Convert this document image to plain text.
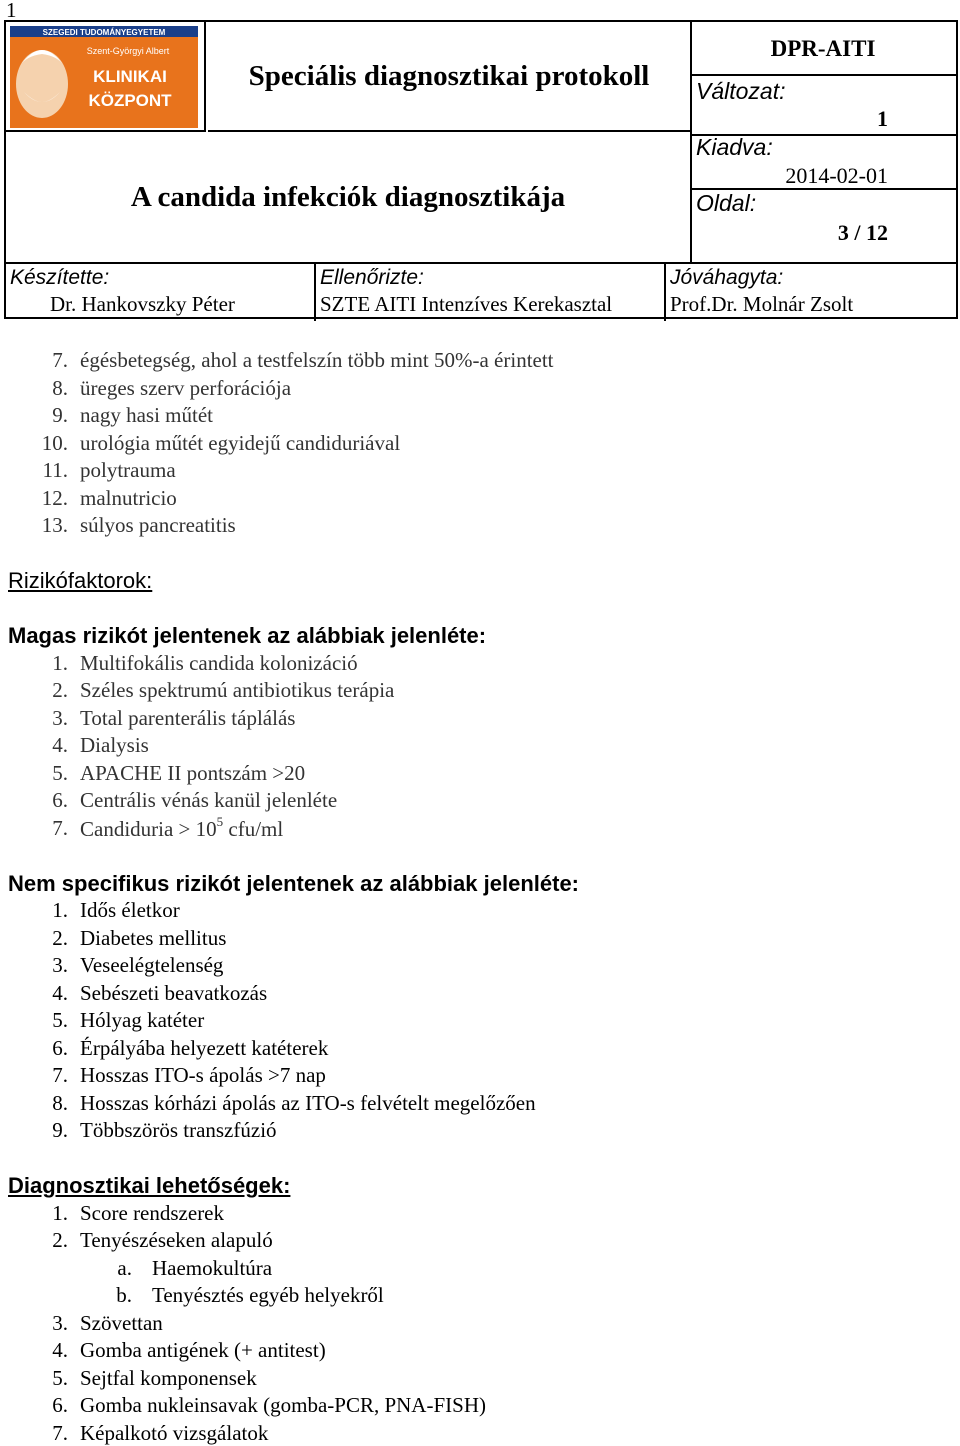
1
SZEGEDI TUDOMÁNYEGYETEM
Szent-Györgyi Albert
KLINIKAI
KÖZPONT
Speciális diagnosztikai protokoll
A candida infekciók diagnosztikája
DPR-AITI
Változat:
1
Kiadva:
2014-02-01
Oldal:
3 / 12
Készítette:
Dr. Hankovszky Péter
Ellenőrizte:
SZTE AITI Intenzíves Kerekasztal
Jóváhagyta:
Prof.Dr. Molnár Zsolt
7. égésbetegség, ahol a testfelszín több mint 50%-a érintett
8. üreges szerv perforációja
9. nagy hasi műtét
10. urológia műtét egyidejű candiduriával
11. polytrauma
12. malnutricio
13. súlyos pancreatitis
Rizikófaktorok:
Magas rizikót jelentenek az alábbiak jelenléte:
1. Multifokális candida kolonizáció
2. Széles spektrumú antibiotikus terápia
3. Total parenterális táplálás
4. Dialysis
5. APACHE II pontszám >20
6. Centrális vénás kanül jelenléte
7. Candiduria > $10^5$ cfu/ml
Nem specifikus rizikót jelentenek az alábbiak jelenléte:
1. Idős életkor
2. Diabetes mellitus
3. Veseelégtelenség
4. Sebészeti beavatkozás
5. Hólyag katéter
6. Érpályába helyezett katéterek
7. Hosszas ITO-s ápolás >7 nap
8. Hosszas kórházi ápolás az ITO-s felvételt megelőzően
9. Többszörös transzfúzió
Diagnosztikai lehetőségek:
1. Score rendszerek
2. Tenyészéseken alapuló
a. Haemokultúra
b. Tenyésztés egyéb helyekről
3. Szövettan
4. Gomba antigének (+ antitest)
5. Sejtfal komponensek
6. Gomba nukleinsavak (gomba-PCR, PNA-FISH)
7. Képalkotó vizsgálatok
